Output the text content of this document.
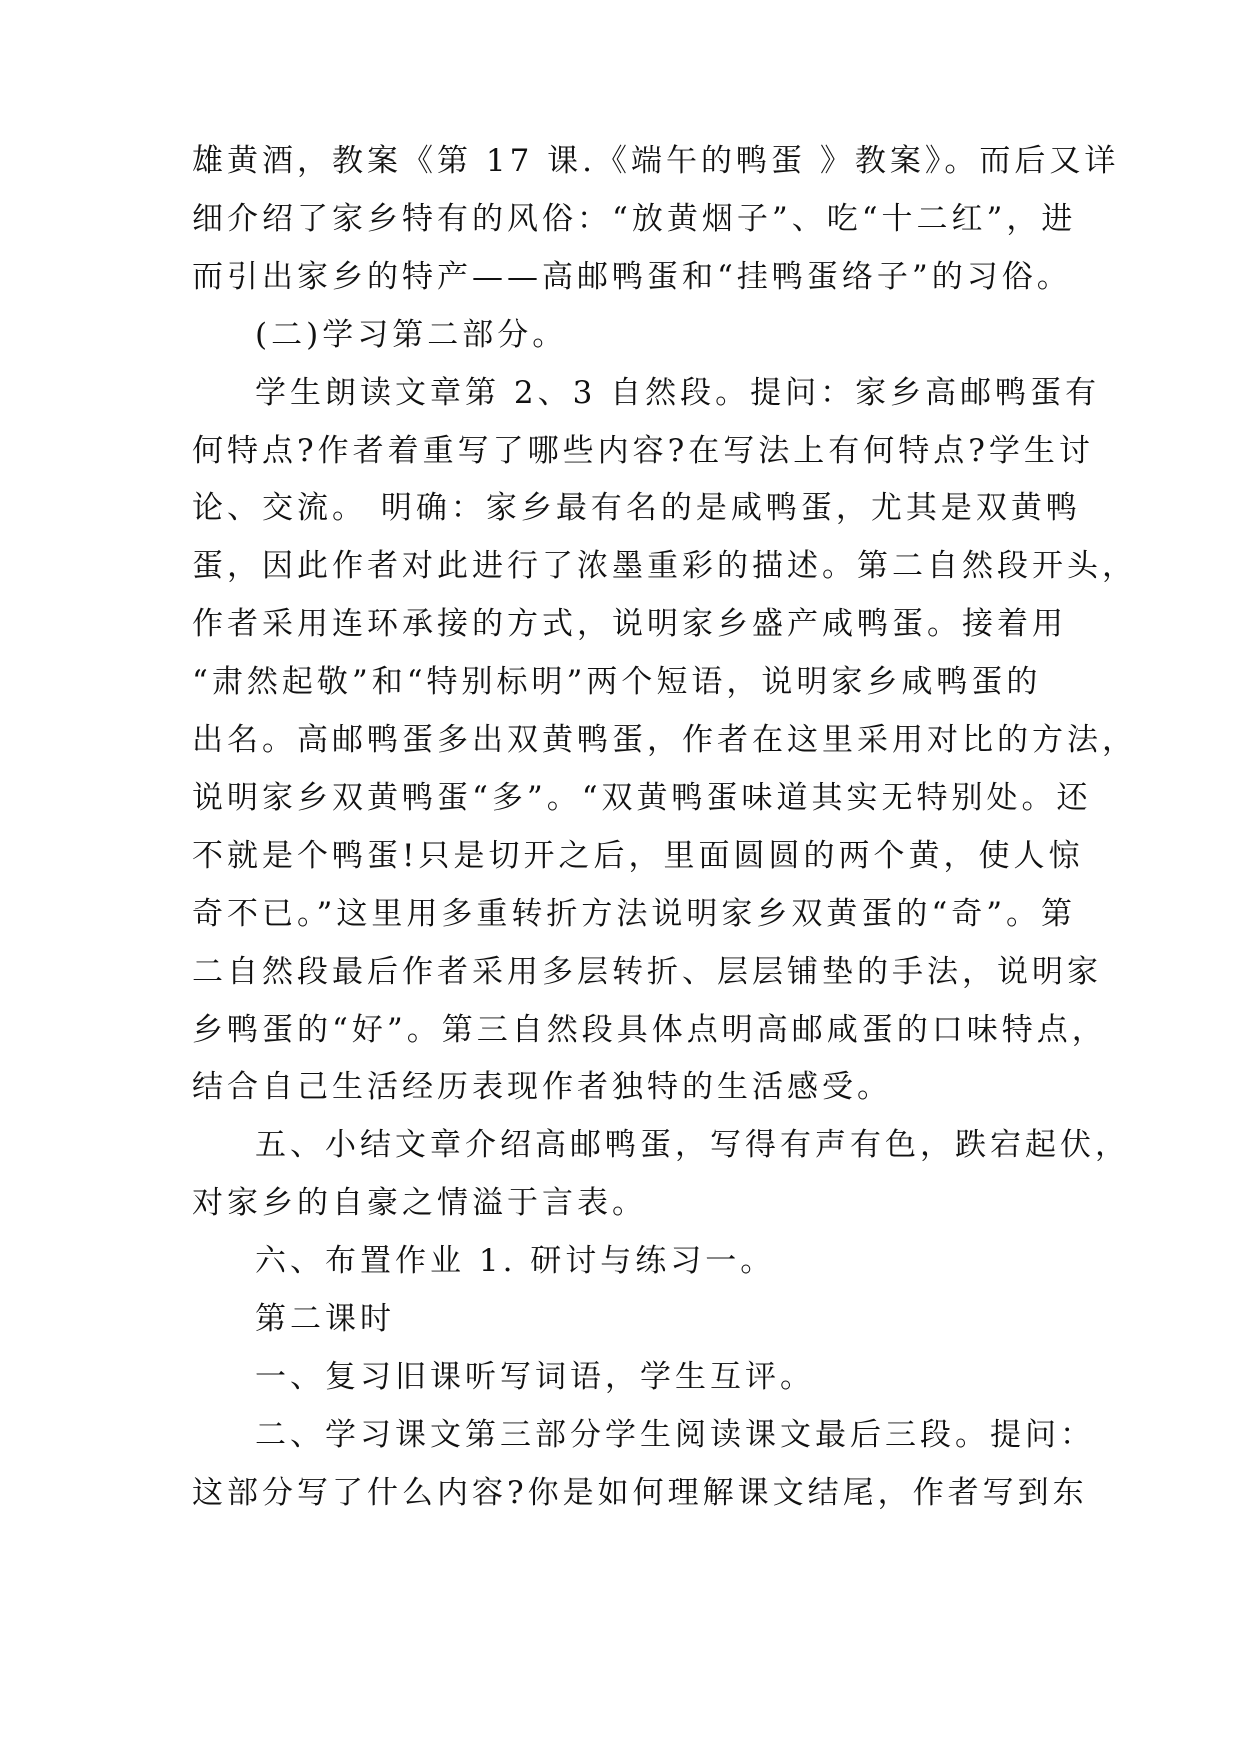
雄黄酒，教案《第 17 课.《端午的鸭蛋 》教案》。而后又详
细介绍了家乡特有的风俗：“放黄烟子”、吃“十二红”，进
而引出家乡的特产——高邮鸭蛋和“挂鸭蛋络子”的习俗。
(二)学习第二部分。
学生朗读文章第 2、3 自然段。提问：家乡高邮鸭蛋有
何特点?作者着重写了哪些内容?在写法上有何特点?学生讨
论、交流。 明确：家乡最有名的是咸鸭蛋，尤其是双黄鸭
蛋，因此作者对此进行了浓墨重彩的描述。第二自然段开头，
作者采用连环承接的方式，说明家乡盛产咸鸭蛋。接着用
“肃然起敬”和“特别标明”两个短语，说明家乡咸鸭蛋的
出名。高邮鸭蛋多出双黄鸭蛋，作者在这里采用对比的方法，
说明家乡双黄鸭蛋“多”。“双黄鸭蛋味道其实无特别处。还
不就是个鸭蛋!只是切开之后，里面圆圆的两个黄，使人惊
奇不已。”这里用多重转折方法说明家乡双黄蛋的“奇”。第
二自然段最后作者采用多层转折、层层铺垫的手法，说明家
乡鸭蛋的“好”。第三自然段具体点明高邮咸蛋的口味特点，
结合自己生活经历表现作者独特的生活感受。
五、小结文章介绍高邮鸭蛋，写得有声有色，跌宕起伏，
对家乡的自豪之情溢于言表。
六、布置作业 1. 研讨与练习一。
第二课时
一、复习旧课听写词语，学生互评。
二、学习课文第三部分学生阅读课文最后三段。提问：
这部分写了什么内容?你是如何理解课文结尾，作者写到东
